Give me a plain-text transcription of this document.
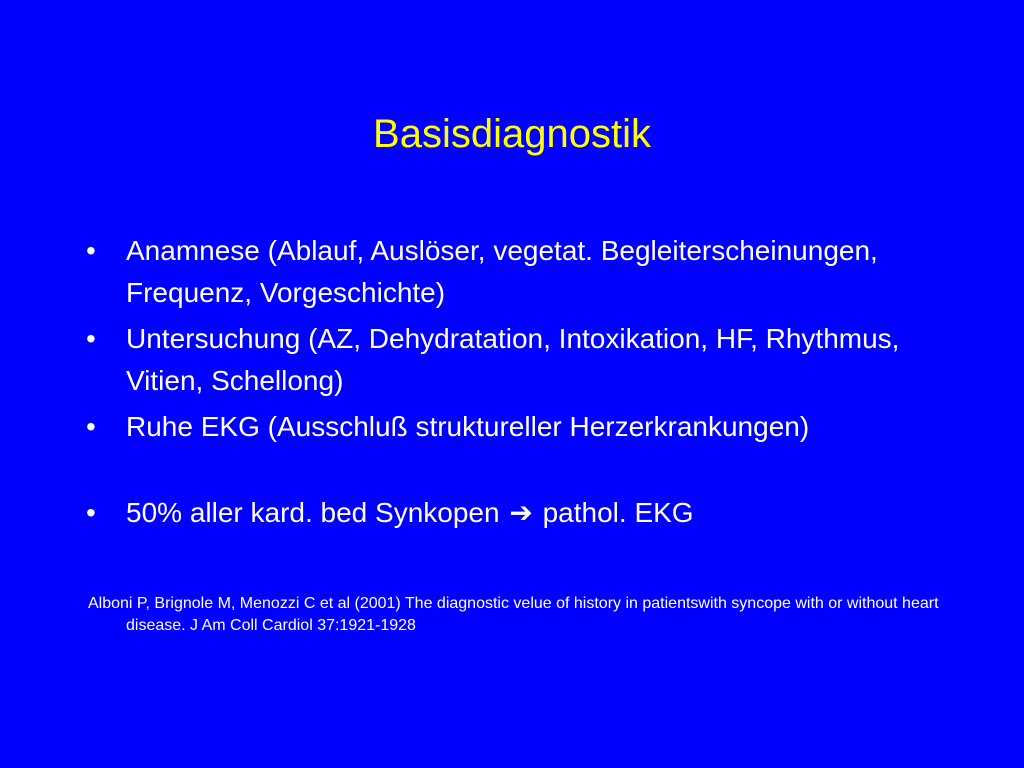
Basisdiagnostik
• Anamnese (Ablauf, Auslöser, vegetat. Begleiterscheinungen, Frequenz, Vorgeschichte)
• Untersuchung (AZ, Dehydratation, Intoxikation, HF, Rhythmus, Vitien, Schellong)
• Ruhe EKG (Ausschluß struktureller Herzerkrankungen)
• 50% aller kard. bed Synkopen ➔ pathol. EKG
Alboni P, Brignole M, Menozzi C et al (2001) The diagnostic velue of history in patientswith syncope with or without heart disease. J Am Coll Cardiol 37:1921-1928
